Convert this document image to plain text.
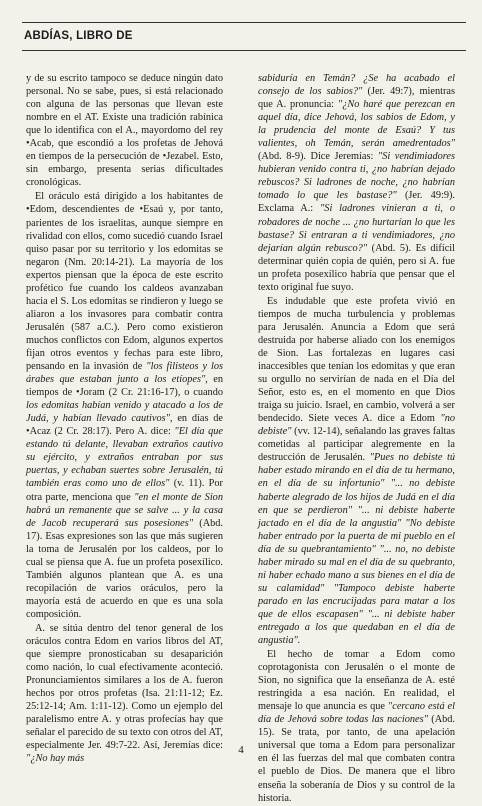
ABDÍAS, LIBRO DE

y de su escrito tampoco se deduce ningún dato personal. No se sabe, pues, si está relacionado con alguna de las personas que llevan este nombre en el AT. Existe una tradición rabínica que lo identifica con el A., mayordomo del rey •Acab, que escondió a los profetas de Jehová en tiempos de la persecución de •Jezabel. Esto, sin embargo, presenta serias dificultades cronológicas.

El oráculo está dirigido a los habitantes de •Edom, descendientes de •Esaú y, por tanto, parientes de los israelitas, aunque siempre en rivalidad con ellos, como sucedió cuando Israel quiso pasar por su territorio y los edomitas se negaron (Nm. 20:14-21). La mayoría de los expertos piensan que la época de este escrito profético fue cuando los caldeos avanzaban hacia el S. Los edomitas se rindieron y luego se aliaron a los invasores para combatir contra Jerusalén (587 a.C.). Pero como existieron muchos conflictos con Edom, algunos expertos fijan otros eventos y fechas para este libro, pensando en la invasión de "los filisteos y los árabes que estaban junto a los etíopes", en tiempos de •Joram (2 Cr. 21:16-17), o cuando los edomitas habían venido y atacado a los de Judá, y habían llevado cautivos", en días de •Acaz (2 Cr. 28:17). Pero A. dice: "El día que estando tú delante, llevaban extraños cautivo su ejército, y extraños entraban por sus puertas, y echaban suertes sobre Jerusalén, tú también eras como uno de ellos" (v. 11). Por otra parte, menciona que "en el monte de Sion habrá un remanente que se salve ... y la casa de Jacob recuperará sus posesiones" (Abd. 17). Esas expresiones son las que más sugieren la toma de Jerusalén por los caldeos, por lo cual se piensa que A. fue un profeta posexílico. También algunos plantean que A. es una recopilación de varios oráculos, pero la mayoría está de acuerdo en que es una sola composición.

A. se sitúa dentro del tenor general de los oráculos contra Edom en varios libros del AT, que siempre pronosticaban su desaparición como nación, lo cual efectivamente aconteció. Pronunciamientos similares a los de A. fueron hechos por otros profetas (Isa. 21:11-12; Ez. 25:12-14; Am. 1:11-12). Como un ejemplo del paralelismo entre A. y otras profecías hay que señalar el parecido de su texto con otros del AT, especialmente Jer. 49:7-22. Así, Jeremías dice: "¿No hay más

sabiduría en Temán? ¿Se ha acabado el consejo de los sabios?" (Jer. 49:7), mientras que A. pronuncia: "¿No haré que perezcan en aquel día, dice Jehová, los sabios de Edom, y la prudencia del monte de Esaú? Y tus valientes, oh Temán, serán amedrentados" (Abd. 8-9). Dice Jeremías: "Si vendimiadores hubieran venido contra ti, ¿no habrían dejado rebuscos? Si ladrones de noche, ¿no habrían tomado lo que les bastase?" (Jer. 49:9). Exclama A.: "Si ladrones vinieran a ti, o robadores de noche ... ¿no hurtarían lo que les bastase? Si entraran a ti vendimiadores, ¿no dejarían algún rebusco?" (Abd. 5). Es difícil determinar quién copia de quién, pero si A. fue un profeta posexílico habría que pensar que el texto original fue suyo.

Es indudable que este profeta vivió en tiempos de mucha turbulencia y problemas para Jerusalén. Anuncia a Edom que será destruida por haberse aliado con los enemigos de Sion. Las fortalezas en lugares casi inaccesibles que tenían los edomitas y que eran su orgullo no servirían de nada en el Día del Señor, esto es, en el momento en que Dios traiga su juicio. Israel, en cambio, volverá a ser bendecido. Siete veces A. dice a Edom "no debiste" (vv. 12-14), señalando las graves faltas cometidas al participar alegremente en la destrucción de Jerusalén. "Pues no debiste tú haber estado mirando en el día de tu hermano, en el día de su infortunio" "... no debiste haberte alegrado de los hijos de Judá en el día en que se perdieron" "... ni debiste haberte jactado en el día de la angustia" "No debiste haber entrado por la puerta de mi pueblo en el día de su quebrantamiento" "... no, no debiste haber mirado su mal en el día de su quebranto, ni haber echado mano a sus bienes en el día de su calamidad" "Tampoco debiste haberte parado en las encrucijadas para matar a los que de ellos escapasen" "... ni debiste haber entregado a los que quedaban en el día de angustia".

El hecho de tomar a Edom como coprotagonista con Jerusalén o el monte de Sion, no significa que la enseñanza de A. esté restringida a esa nación. En realidad, el mensaje lo que anuncia es que "cercano está el día de Jehová sobre todas las naciones" (Abd. 15). Se trata, por tanto, de una apelación universal que toma a Edom para personalizar en él las fuerzas del mal que combaten contra el pueblo de Dios. De manera que el libro enseña la soberanía de Dios y su control de la historia.

4
